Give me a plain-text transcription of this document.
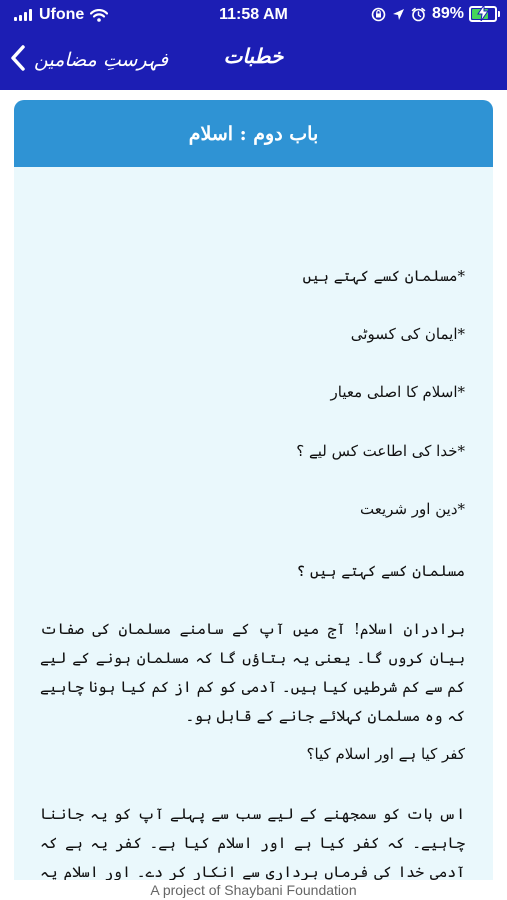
Ufone	11:58 AM	89%
فہرستِ مضامین	خطبات
باب دوم : اسلام
*مسلمان کسے کہتے ہیں
*ایمان کی کسوٹی
*اسلام کا اصلی معیار
*خدا کی اطاعت کس لیے ؟
*دین اور شریعت
مسلمان کسے کہتے ہیں ؟
برادران اسلام! آج میں آپ کے سامنے مسلمان کی صفات بیان کروں گا۔ یعنی یہ بتاؤں گا کہ مسلمان ہونے کے لیے کم سے کم شرطیں کیا ہیں۔ آدمی کو کم از کم کیا ہونا چاہیے کہ وہ مسلمان کہلائے جانے کے قابل ہو۔
کفر کیا ہے اور اسلام کیا؟
اس بات کو سمجھنے کے لیے سب سے پہلے آپ کو یہ جاننا چاہیے۔ کہ کفر کیا ہے اور اسلام کیا ہے۔ کفر یہ ہے کہ آدمی خدا کی فرماں برداری سے انکار کر دے۔ اور اسلام یہ
A project of Shaybani Foundation
